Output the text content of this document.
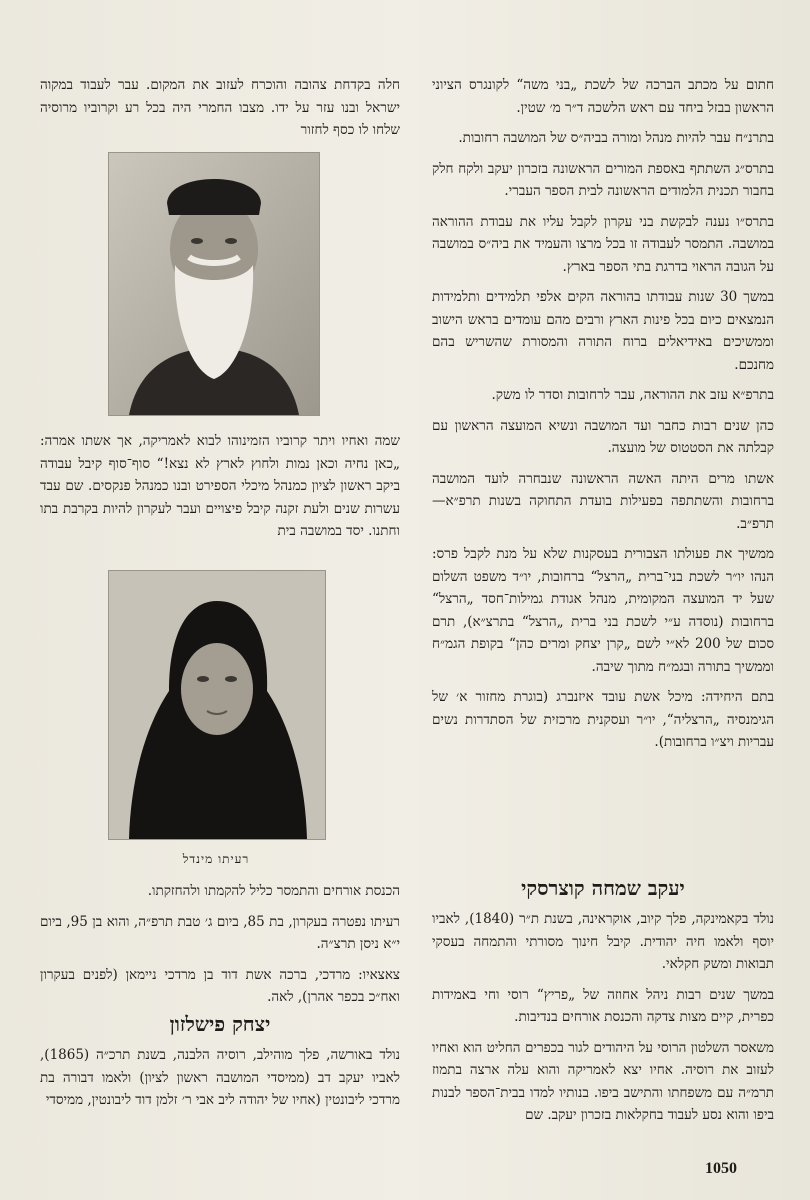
חתום על מכתב הברכה של לשכת „בני משה“ לקונגרס הציוני הראשון בבזל ביחד עם ראש הלשכה ד״ר מ׳ שטין.

בתרנ״ח עבר להיות מנהל ומורה בביה״ס של המושבה רחובות.

בתרס״ג השתתף באספת המורים הראשונה בזכרון יעקב ולקח חלק בחבור תכנית הלמודים הראשונה לבית הספר העברי.

בתרס״ו נענה לבקשת בני עקרון לקבל עליו את עבודת ההוראה במושבה. התמסר לעבודה זו בכל מרצו והעמיד את ביה״ס במושבה על הגובה הראוי בדרגת בתי הספר בארץ.

במשך 30 שנות עבודתו בהוראה הקים אלפי תלמידים ותלמידות הנמצאים כיום בכל פינות הארץ ורבים מהם עומדים בראש הישוב וממשיכים באידיאלים ברוח התורה והמסורת שהשריש בהם מחנכם.

בתרפ״א עזב את ההוראה, עבר לרחובות וסדר לו משק.

כהן שנים רבות כחבר ועד המושבה ונשיא המועצה הראשון עם קבלתה את הסטטוס של מועצה.

אשתו מרים היתה האשה הראשונה שנבחרה לועד המושבה ברחובות והשתתפה בפעילות בועדת התחוקה בשנות תרפ״א—תרפ״ב.

ממשיך את פעולתו הצבורית בעסקנות שלא על מנת לקבל פרס: הנהו יו״ר לשכת בני־ברית „הרצל“ ברחובות, יו״ד משפט השלום שעל יד המועצה המקומית, מנהל אגודת גמילות־חסד „הרצל“ ברחובות (נוסדה ע״י לשכת בני ברית „הרצל“ בתרצ״א), תרם סכום של 200 לא״י לשם „קרן יצחק ומרים כהן“ בקופת הגמ״ח וממשיך בתורה ובגמ״ח מתוך שיבה.

בתם היחידה: מיכל אשת עובד איזנברג (בוגרת מחזור א׳ של הגימנסיה „הרצליה“, יו״ר ועסקנית מרכזית של הסתדרות נשים עבריות ויצ״ו ברחובות).

חלה בקדחת צהובה והוכרח לעזוב את המקום. עבר לעבוד במקוה ישראל ובנו עזר על ידו. מצבו החמרי היה בכל רע וקרוביו מרוסיה שלחו לו כסף לחזור

שמה ואחיו ויתר קרוביו הזמינוהו לבוא לאמריקה, אך אשתו אמרה: „כאן נחיה וכאן נמות ולחוץ לארץ לא נצא!“ סוף־סוף קיבל עבודה ביקב ראשון לציון כמנהל מיכלי הספירט ובנו כמנהל פנקסים. שם עבד עשרות שנים ולעת זקנה קיבל פיצויים ועבר לעקרון להיות בקרבת בתו וחתנו. יסד במושבה בית

רעיתו מינדל

הכנסת אורחים והתמסר כליל להקמתו ולהחזקתו.

רעיתו נפטרה בעקרון, בת 85, ביום ג׳ טבת תרפ״ה, והוא בן 95, ביום י״א ניסן תרצ״ה.

צאצאיו: מרדכי, ברכה אשת דוד בן מרדכי ניימאן (לפנים בעקרון ואח״כ בכפר אהרן), לאה.

יצחק פישלזון

נולד באורשה, פלך מוהילב, רוסיה הלבנה, בשנת תרכ״ה (1865), לאביו יעקב דב (ממיסדי המושבה ראשון לציון) ולאמו דבורה בת מרדכי ליבונטין (אחיו של יהודה ליב אבי ר׳ זלמן דוד ליבונטין, ממיסדי

יעקב שמחה קוצרסקי

נולד בקאמינקה, פלך קיוב, אוקראינה, בשנת ת״ר (1840), לאביו יוסף ולאמו חיה יהודית. קיבל חינוך מסורתי והתמחה בעסקי תבואות ומשק חקלאי.

במשך שנים רבות ניהל אחוזה של „פריץ“ רוסי וחי באמידות כפרית, קיים מצות צדקה והכנסת אורחים בנדיבות.

משאסר השלטון הרוסי על היהודים לגור בכפרים החליט הוא ואחיו לעזוב את רוסיה. אחיו יצא לאמריקה והוא עלה ארצה בתמוז תרמ״ה עם משפחתו והתישב ביפו. בנותיו למדו בבית־הספר לבנות ביפו והוא נסע לעבוד בחקלאות בזכרון יעקב. שם

1050
